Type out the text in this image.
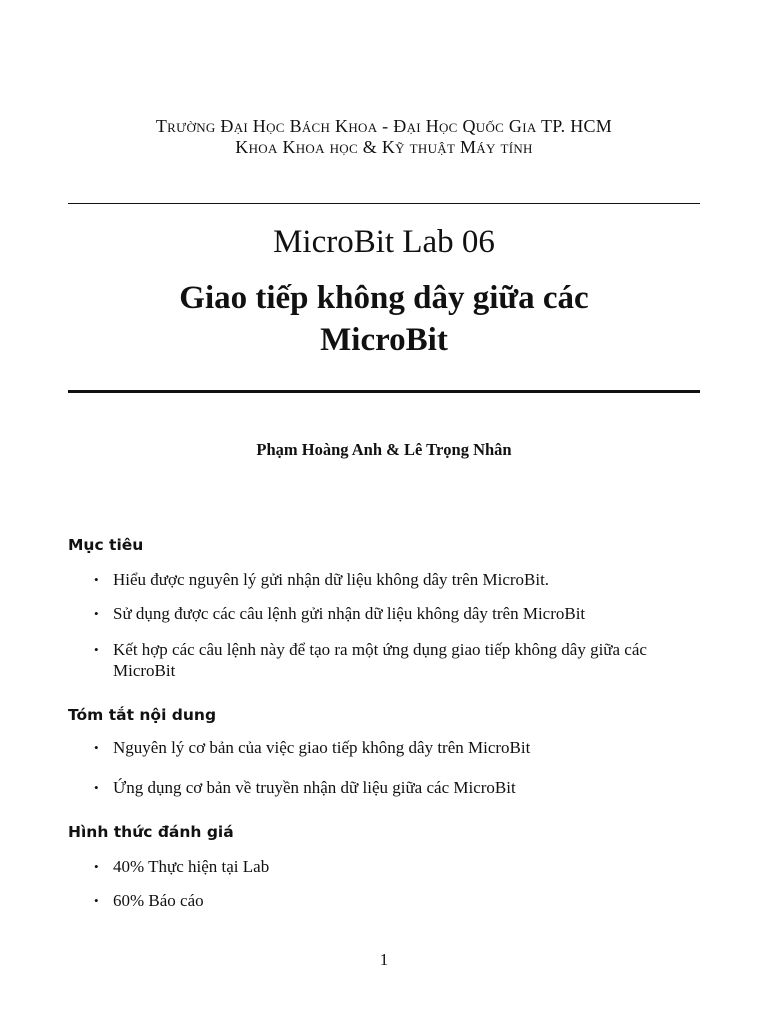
Trường Đại Học Bách Khoa - Đại Học Quốc Gia TP. HCM
Khoa Khoa học & Kỹ thuật Máy tính
MicroBit Lab 06
Giao tiếp không dây giữa các
MicroBit
Phạm Hoàng Anh & Lê Trọng Nhân
Mục tiêu
• Hiểu được nguyên lý gửi nhận dữ liệu không dây trên MicroBit.
• Sử dụng được các câu lệnh gửi nhận dữ liệu không dây trên MicroBit
• Kết hợp các câu lệnh này để tạo ra một ứng dụng giao tiếp không dây giữa các MicroBit
Tóm tắt nội dung
• Nguyên lý cơ bản của việc giao tiếp không dây trên MicroBit
• Ứng dụng cơ bản về truyền nhận dữ liệu giữa các MicroBit
Hình thức đánh giá
• 40% Thực hiện tại Lab
• 60% Báo cáo
1
